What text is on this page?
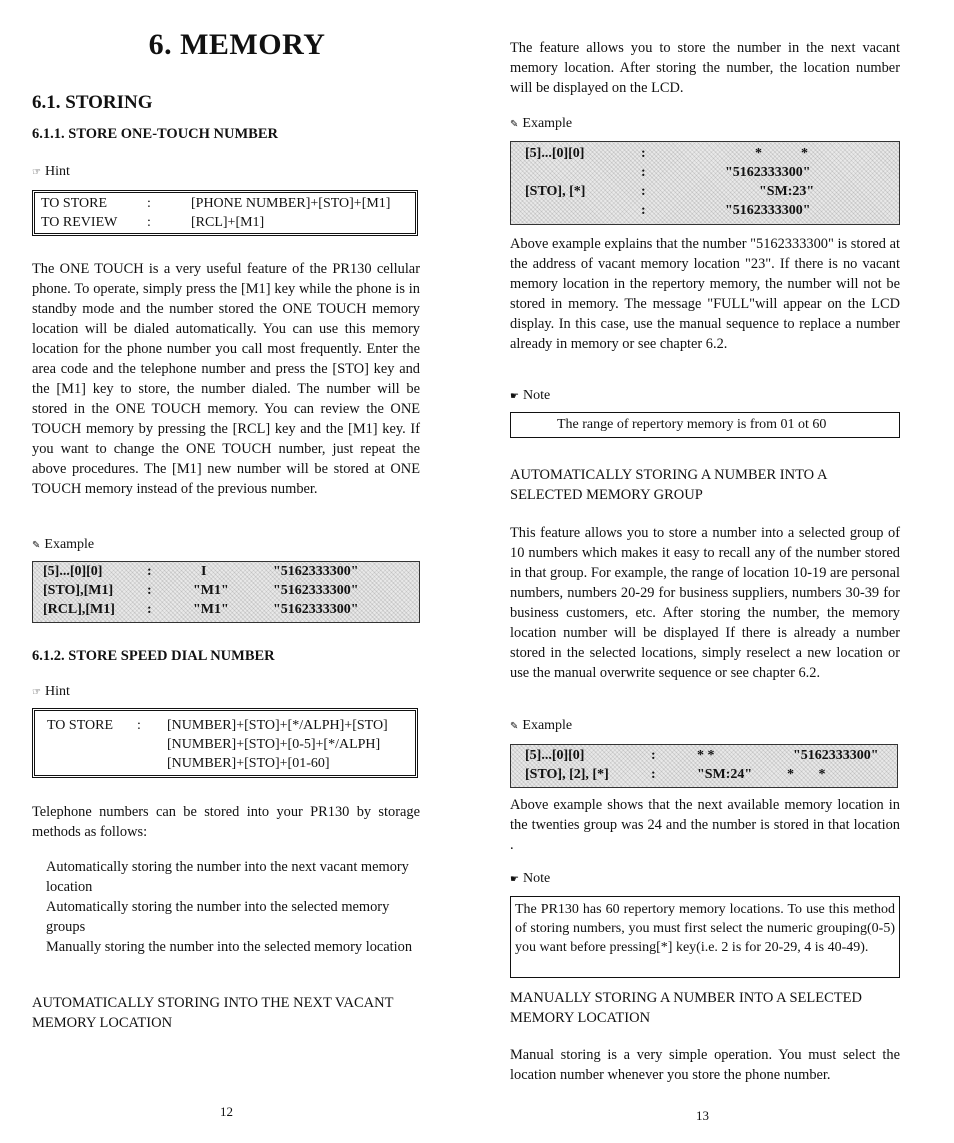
6. MEMORY
6.1. STORING
6.1.1. STORE ONE-TOUCH NUMBER
☞ Hint
TO STORE	:	[PHONE NUMBER]+[STO]+[M1]
TO REVIEW :	[RCL]+[M1]

The ONE TOUCH is a very useful feature of the PR130 cellular phone. To operate, simply press the [M1] key while the phone is in standby mode and the number stored the ONE TOUCH memory location will be dialed automatically. You can use this memory location for the phone number you call most frequently. Enter the area code and the telephone number and press the [STO] key and the [M1] key to store, the number dialed. The number will be stored in the ONE TOUCH memory. You can review the ONE TOUCH memory by pressing the [RCL] key and the [M1] key. If you want to change the ONE TOUCH number, just repeat the above procedures. The [M1] new number will be stored at ONE TOUCH memory instead of the previous number.

✎ Example
[5]...[0][0]	:	I	"5162333300"
[STO],[M1] :	"M1"	"5162333300"
[RCL],[M1] :	"M1"	"5162333300"
6.1.2. STORE SPEED DIAL NUMBER
☞ Hint
TO STORE : [NUMBER]+[STO]+[*/ALPH]+[STO]
[NUMBER]+[STO]+[0-5]+[*/ALPH]
[NUMBER]+[STO]+[01-60]

Telephone numbers can be stored into your PR130 by storage methods as follows:

Automatically storing the number into the next vacant memory location

Automatically storing the number into the selected memory groups

Manually storing the number into the selected memory location

AUTOMATICALLY STORING INTO THE NEXT VACANT MEMORY LOCATION

12

The feature allows you to store the number in the next vacant memory location. After storing the number, the location number will be displayed on the LCD.

✎ Example
[5]...[0][0]	:	*	*
:	"5162333300"
[STO], [*]	:	"SM:23"
:	"5162333300"

Above example explains that the number "5162333300" is stored at the address of vacant memory location "23". If there is no vacant memory location in the repertory memory, the number will not be stored in memory. The message "FULL"will appear on the LCD display. In this case, use the manual sequence to replace a number already in memory or see chapter 6.2.

☛ Note
The range of repertory memory is from 01 ot 60

AUTOMATICALLY STORING A NUMBER INTO A SELECTED MEMORY GROUP

This feature allows you to store a number into a selected group of 10 numbers which makes it easy to recall any of the number stored in that group. For example, the range of location 10-19 are personal numbers, numbers 20-29 for business suppliers, numbers 30-39 for business customers, etc. After storing the number, the memory location number will be displayed If there is already a number stored in the selected locations, simply reselect a new location or use the manual overwrite sequence or see chapter 6.2.

✎ Example
[5]...[0][0]	:	* *	"5162333300"
[STO], [2], [*]	:	"SM:24" *       *

Above example shows that the next available memory location in the twenties group was 24 and the number is stored in that location .

☛ Note
The PR130 has 60 repertory memory locations. To use this method of storing numbers, you must first select the numeric grouping(0-5) you want before pressing[*] key(i.e. 2 is for 20-29, 4 is 40-49).

MANUALLY STORING A NUMBER INTO A SELECTED MEMORY LOCATION

Manual storing is a very simple operation. You must select the location number whenever you store the phone number.

13
